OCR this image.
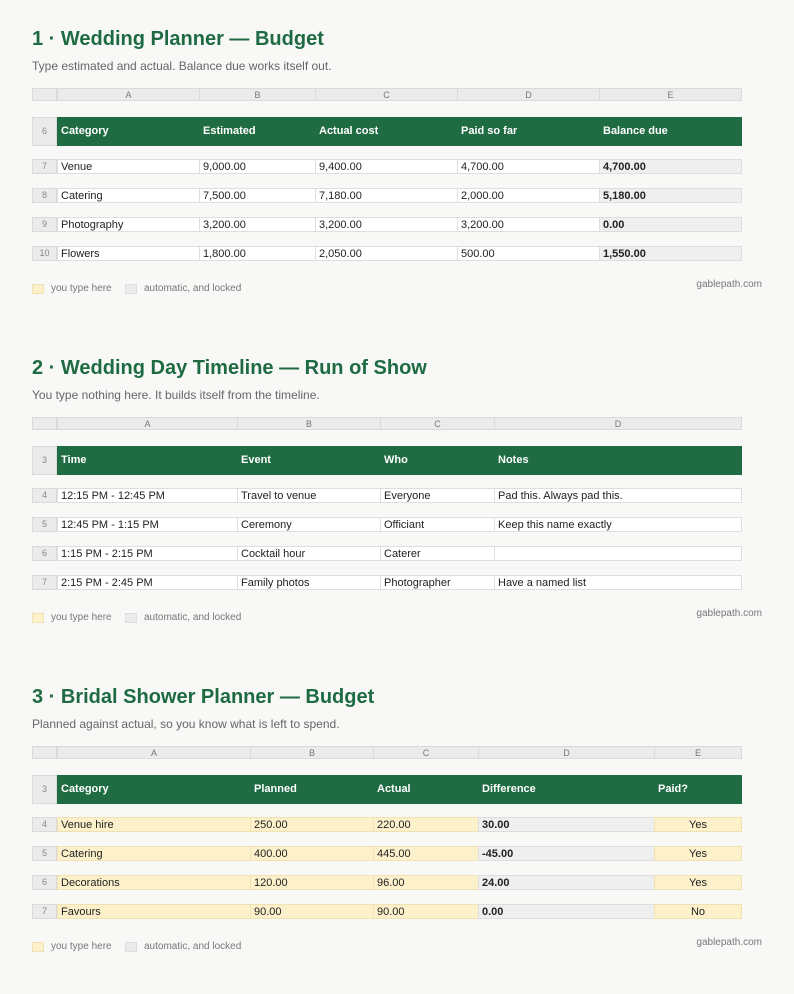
1 · Wedding Planner — Budget
Type estimated and actual. Balance due works itself out.
A	B	C	D	E
6	Category	Estimated	Actual cost	Paid so far	Balance due
7	Venue	9,000.00	9,400.00	4,700.00	4,700.00
8	Catering	7,500.00	7,180.00	2,000.00	5,180.00
9	Photography	3,200.00	3,200.00	3,200.00	0.00
10	Flowers	1,800.00	2,050.00	500.00	1,550.00
gablepath.com
you type here	automatic, and locked
2 · Wedding Day Timeline — Run of Show
You type nothing here. It builds itself from the timeline.
A	B	C	D
3	Time	Event	Who	Notes
4	12:15 PM - 12:45 PM	Travel to venue	Everyone	Pad this. Always pad this.
5	12:45 PM - 1:15 PM	Ceremony	Officiant	Keep this name exactly
6	1:15 PM - 2:15 PM	Cocktail hour	Caterer
7	2:15 PM - 2:45 PM	Family photos	Photographer	Have a named list
gablepath.com
you type here	automatic, and locked
3 · Bridal Shower Planner — Budget
Planned against actual, so you know what is left to spend.
A	B	C	D	E
3	Category	Planned	Actual	Difference	Paid?
4	Venue hire	250.00	220.00	30.00	Yes
5	Catering	400.00	445.00	-45.00	Yes
6	Decorations	120.00	96.00	24.00	Yes
7	Favours	90.00	90.00	0.00	No
gablepath.com
you type here	automatic, and locked
